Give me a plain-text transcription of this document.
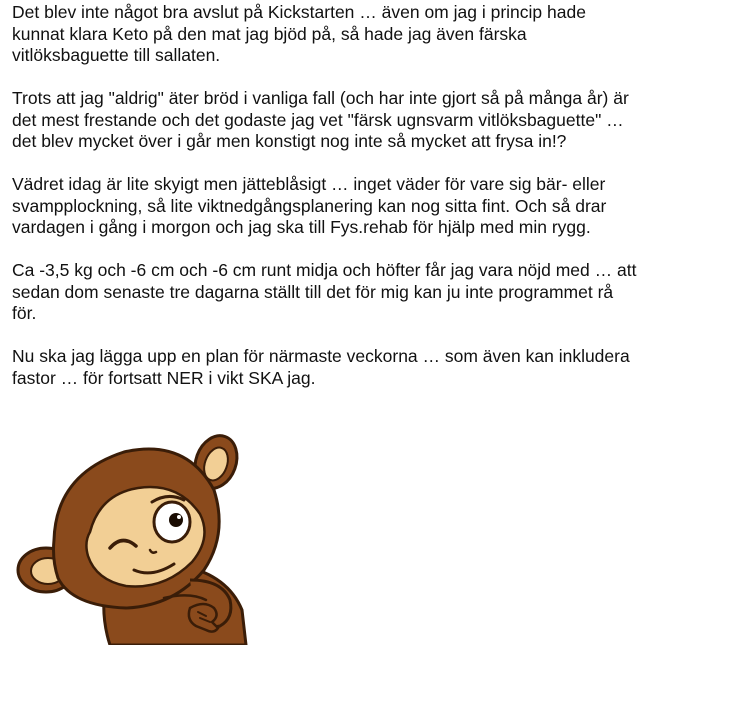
Det blev inte något bra avslut på Kickstarten … även om jag i princip hade
kunnat klara Keto på den mat jag bjöd på, så hade jag även färska
vitlöksbaguette till sallaten.

Trots att jag "aldrig" äter bröd i vanliga fall (och har inte gjort så på många år) är
det mest frestande och det godaste jag vet "färsk ugnsvarm vitlöksbaguette" …
det blev mycket över i går men konstigt nog inte så mycket att frysa in!?

Vädret idag är lite skyigt men jätteblåsigt … inget väder för vare sig bär- eller
svampplockning, så lite viktnedgångsplanering kan nog sitta fint. Och så drar
vardagen i gång i morgon och jag ska till Fys.rehab för hjälp med min rygg.

Ca -3,5 kg och -6 cm och -6 cm runt midja och höfter får jag vara nöjd med … att
sedan dom senaste tre dagarna ställt till det för mig kan ju inte programmet rå
för.

Nu ska jag lägga upp en plan för närmaste veckorna … som även kan inkludera
fastor … för fortsatt NER i vikt SKA jag.
